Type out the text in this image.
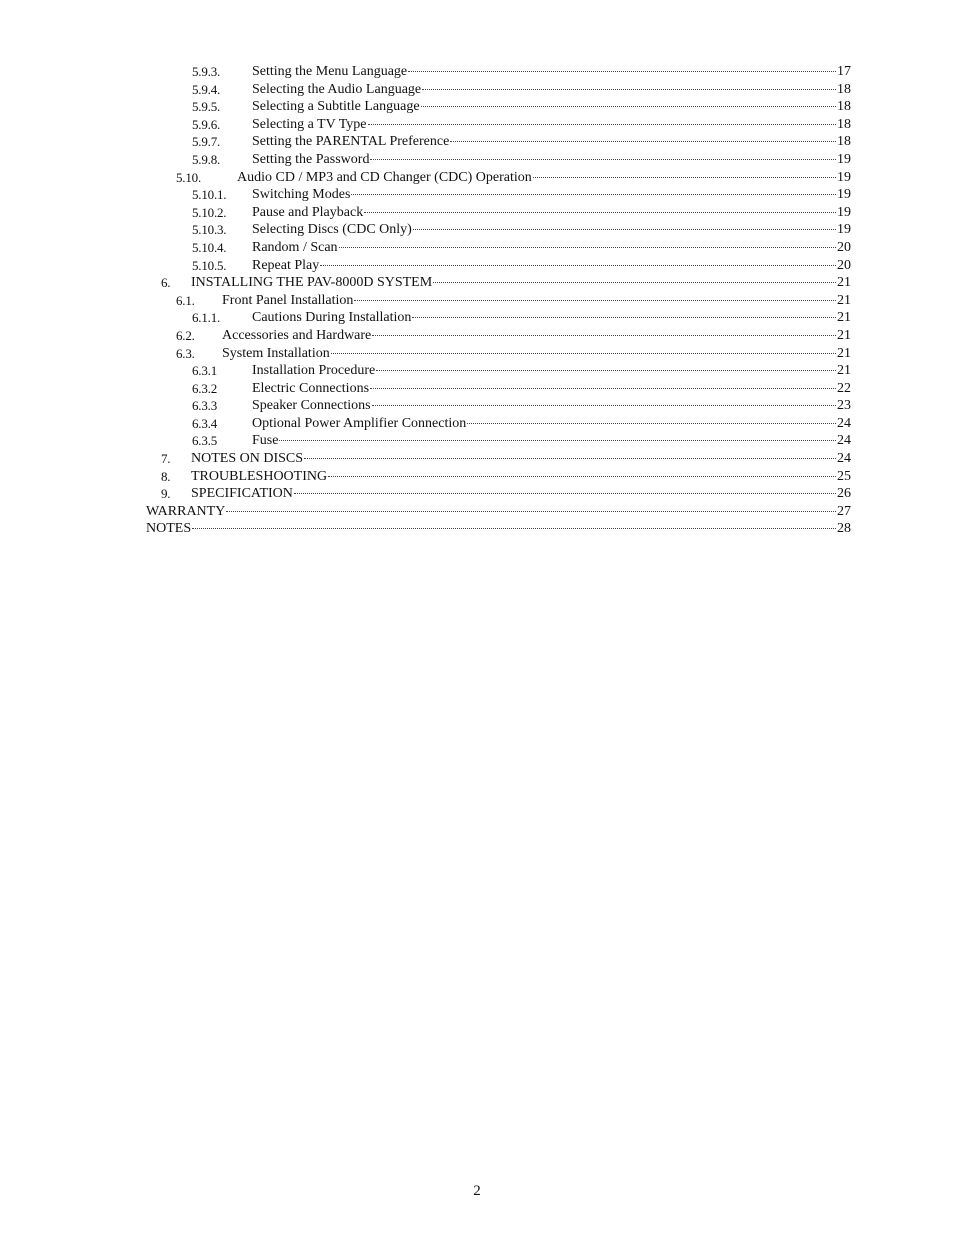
5.9.3. Setting the Menu Language	17
5.9.4. Selecting the Audio Language	18
5.9.5. Selecting a Subtitle Language	18
5.9.6. Selecting a TV Type	18
5.9.7. Setting the PARENTAL Preference	18
5.9.8. Setting the Password	19
5.10.	Audio CD / MP3 and CD Changer (CDC) Operation	19
5.10.1. Switching Modes	19
5.10.2. Pause and Playback	19
5.10.3. Selecting Discs (CDC Only)	19
5.10.4. Random / Scan	20
5.10.5. Repeat Play	20
6. INSTALLING THE PAV-8000D SYSTEM	21
6.1. Front Panel Installation	21
6.1.1. Cautions During Installation	21
6.2. Accessories and Hardware	21
6.3. System Installation	21
6.3.1 Installation Procedure	21
6.3.2 Electric Connections	22
6.3.3 Speaker Connections	23
6.3.4 Optional Power Amplifier Connection	24
6.3.5 Fuse	24
7. NOTES ON DISCS	24
8. TROUBLESHOOTING	25
9. SPECIFICATION	26
WARRANTY	27
NOTES	28
2
